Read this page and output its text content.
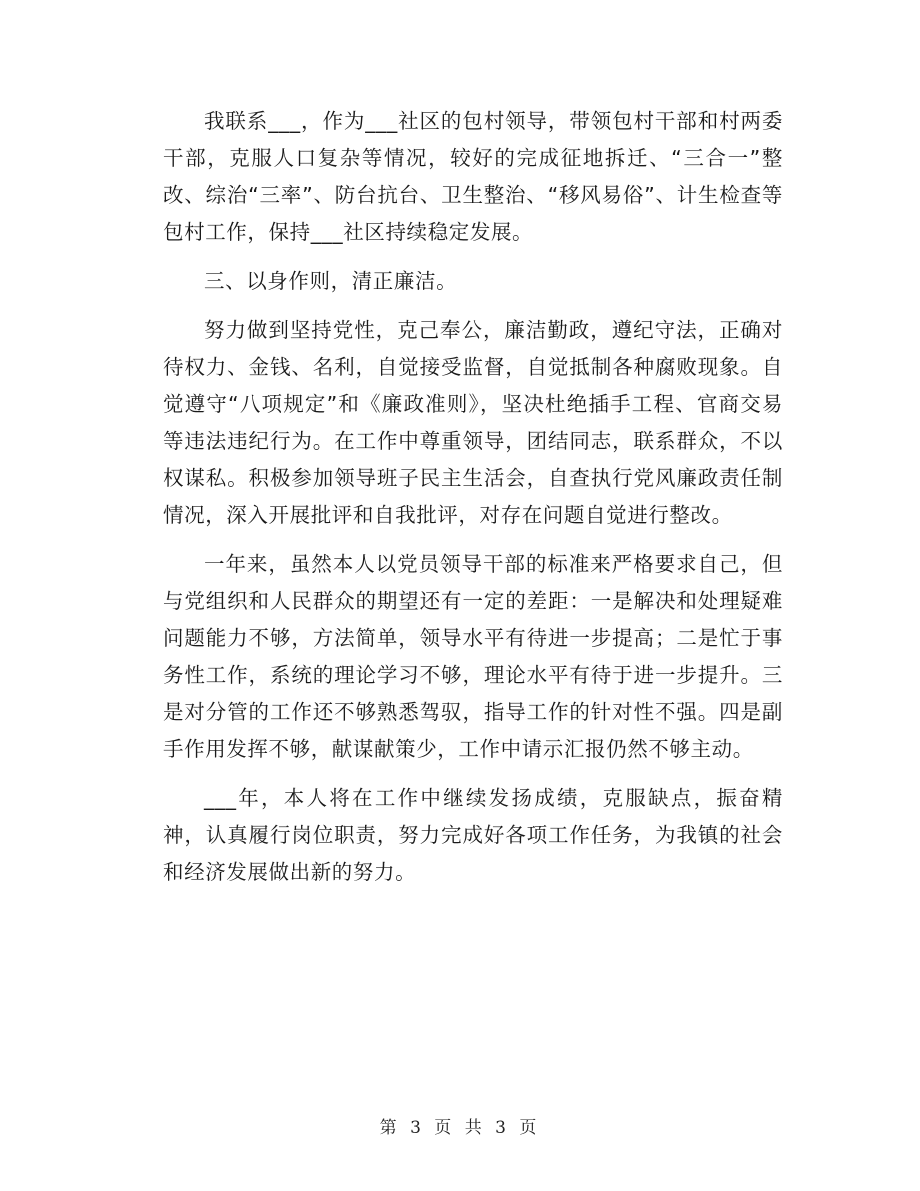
我联系___，作为___社区的包村领导，带领包村干部和村两委干部，克服人口复杂等情况，较好的完成征地拆迁、“三合一”整改、综治“三率”、防台抗台、卫生整治、“移风易俗”、计生检查等包村工作，保持___社区持续稳定发展。

三、以身作则，清正廉洁。

努力做到坚持党性，克己奉公，廉洁勤政，遵纪守法，正确对待权力、金钱、名利，自觉接受监督，自觉抵制各种腐败现象。自觉遵守“八项规定”和《廉政准则》，坚决杜绝插手工程、官商交易等违法违纪行为。在工作中尊重领导，团结同志，联系群众，不以权谋私。积极参加领导班子民主生活会，自查执行党风廉政责任制情况，深入开展批评和自我批评，对存在问题自觉进行整改。

一年来，虽然本人以党员领导干部的标准来严格要求自己，但与党组织和人民群众的期望还有一定的差距：一是解决和处理疑难问题能力不够，方法简单，领导水平有待进一步提高；二是忙于事务性工作，系统的理论学习不够，理论水平有待于进一步提升。三是对分管的工作还不够熟悉驾驭，指导工作的针对性不强。四是副手作用发挥不够，献谋献策少，工作中请示汇报仍然不够主动。

___年，本人将在工作中继续发扬成绩，克服缺点，振奋精神，认真履行岗位职责，努力完成好各项工作任务，为我镇的社会和经济发展做出新的努力。

第 3 页 共 3 页
